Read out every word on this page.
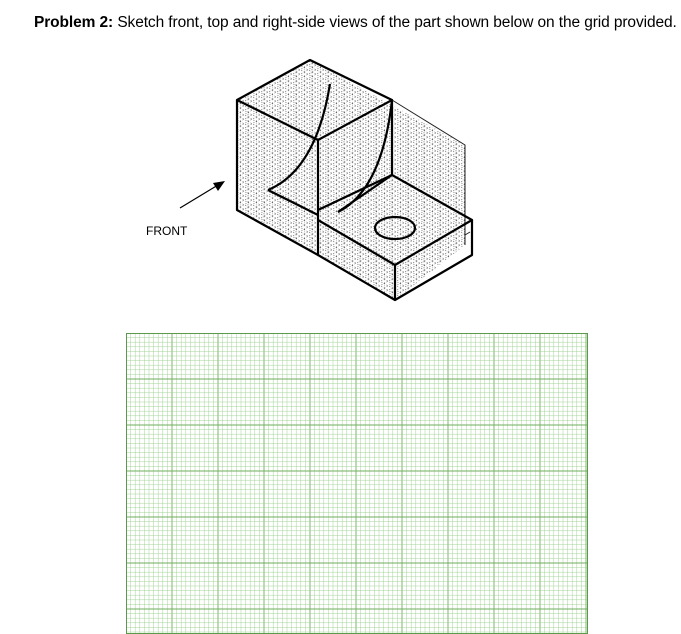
Problem 2: Sketch front, top and right-side views of the part shown below on the grid provided.
FRONT
